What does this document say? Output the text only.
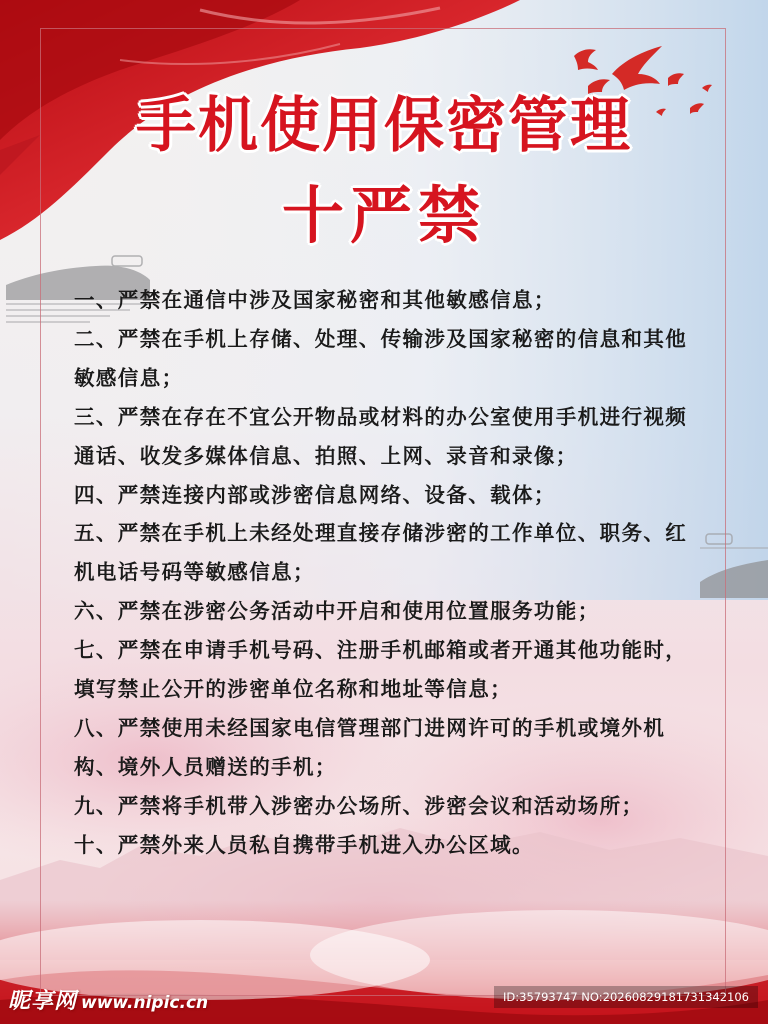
手机使用保密管理
十严禁
一、严禁在通信中涉及国家秘密和其他敏感信息；
二、严禁在手机上存储、处理、传输涉及国家秘密的信息和其他敏感信息；
三、严禁在存在不宜公开物品或材料的办公室使用手机进行视频通话、收发多媒体信息、拍照、上网、录音和录像；
四、严禁连接内部或涉密信息网络、设备、载体；
五、严禁在手机上未经处理直接存储涉密的工作单位、职务、红机电话号码等敏感信息；
六、严禁在涉密公务活动中开启和使用位置服务功能；
七、严禁在申请手机号码、注册手机邮箱或者开通其他功能时，填写禁止公开的涉密单位名称和地址等信息；
八、严禁使用未经国家电信管理部门进网许可的手机或境外机构、境外人员赠送的手机；
九、严禁将手机带入涉密办公场所、涉密会议和活动场所；
十、严禁外来人员私自携带手机进入办公区域。
昵享网 www.nipic.cn	ID:35793747 NO:20260829181731342106
